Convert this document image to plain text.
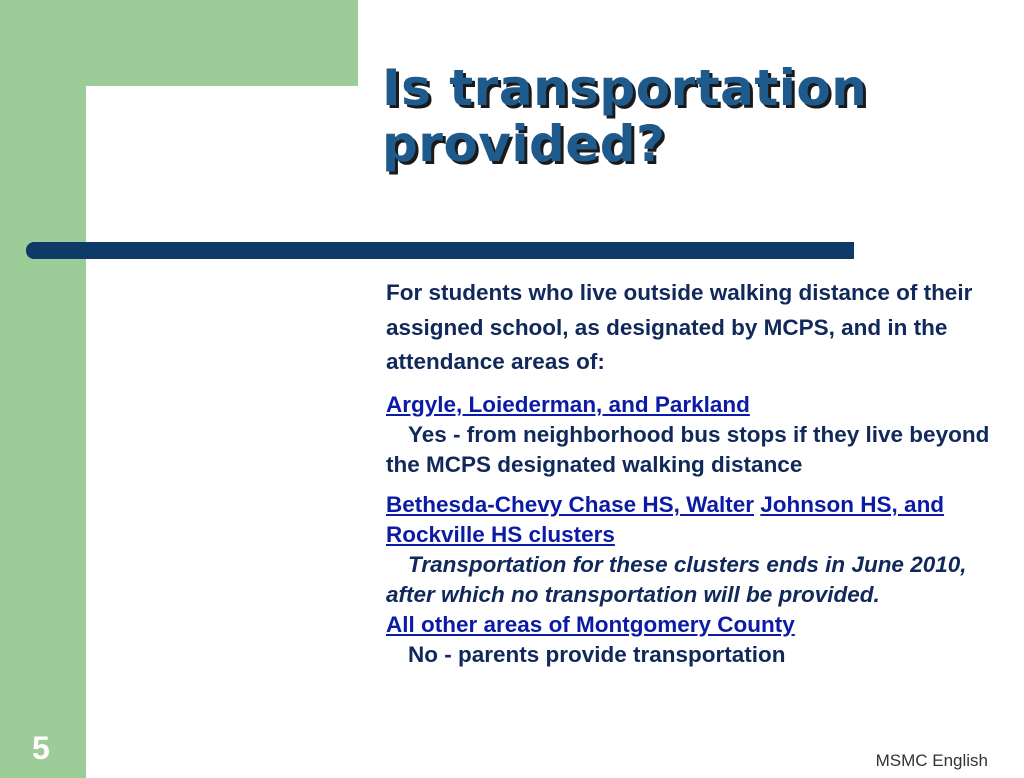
Is transportation
provided?

For students who live outside walking distance of their assigned school, as designated by MCPS, and in the attendance areas of:

Argyle, Loiederman, and Parkland
Yes - from neighborhood bus stops if they live beyond the MCPS designated walking distance
Bethesda-Chevy Chase HS, Walter Johnson HS, and Rockville HS clusters
Transportation for these clusters ends in June 2010, after which no transportation will be provided.
All other areas of Montgomery County
No - parents provide transportation
5	MSMC English
